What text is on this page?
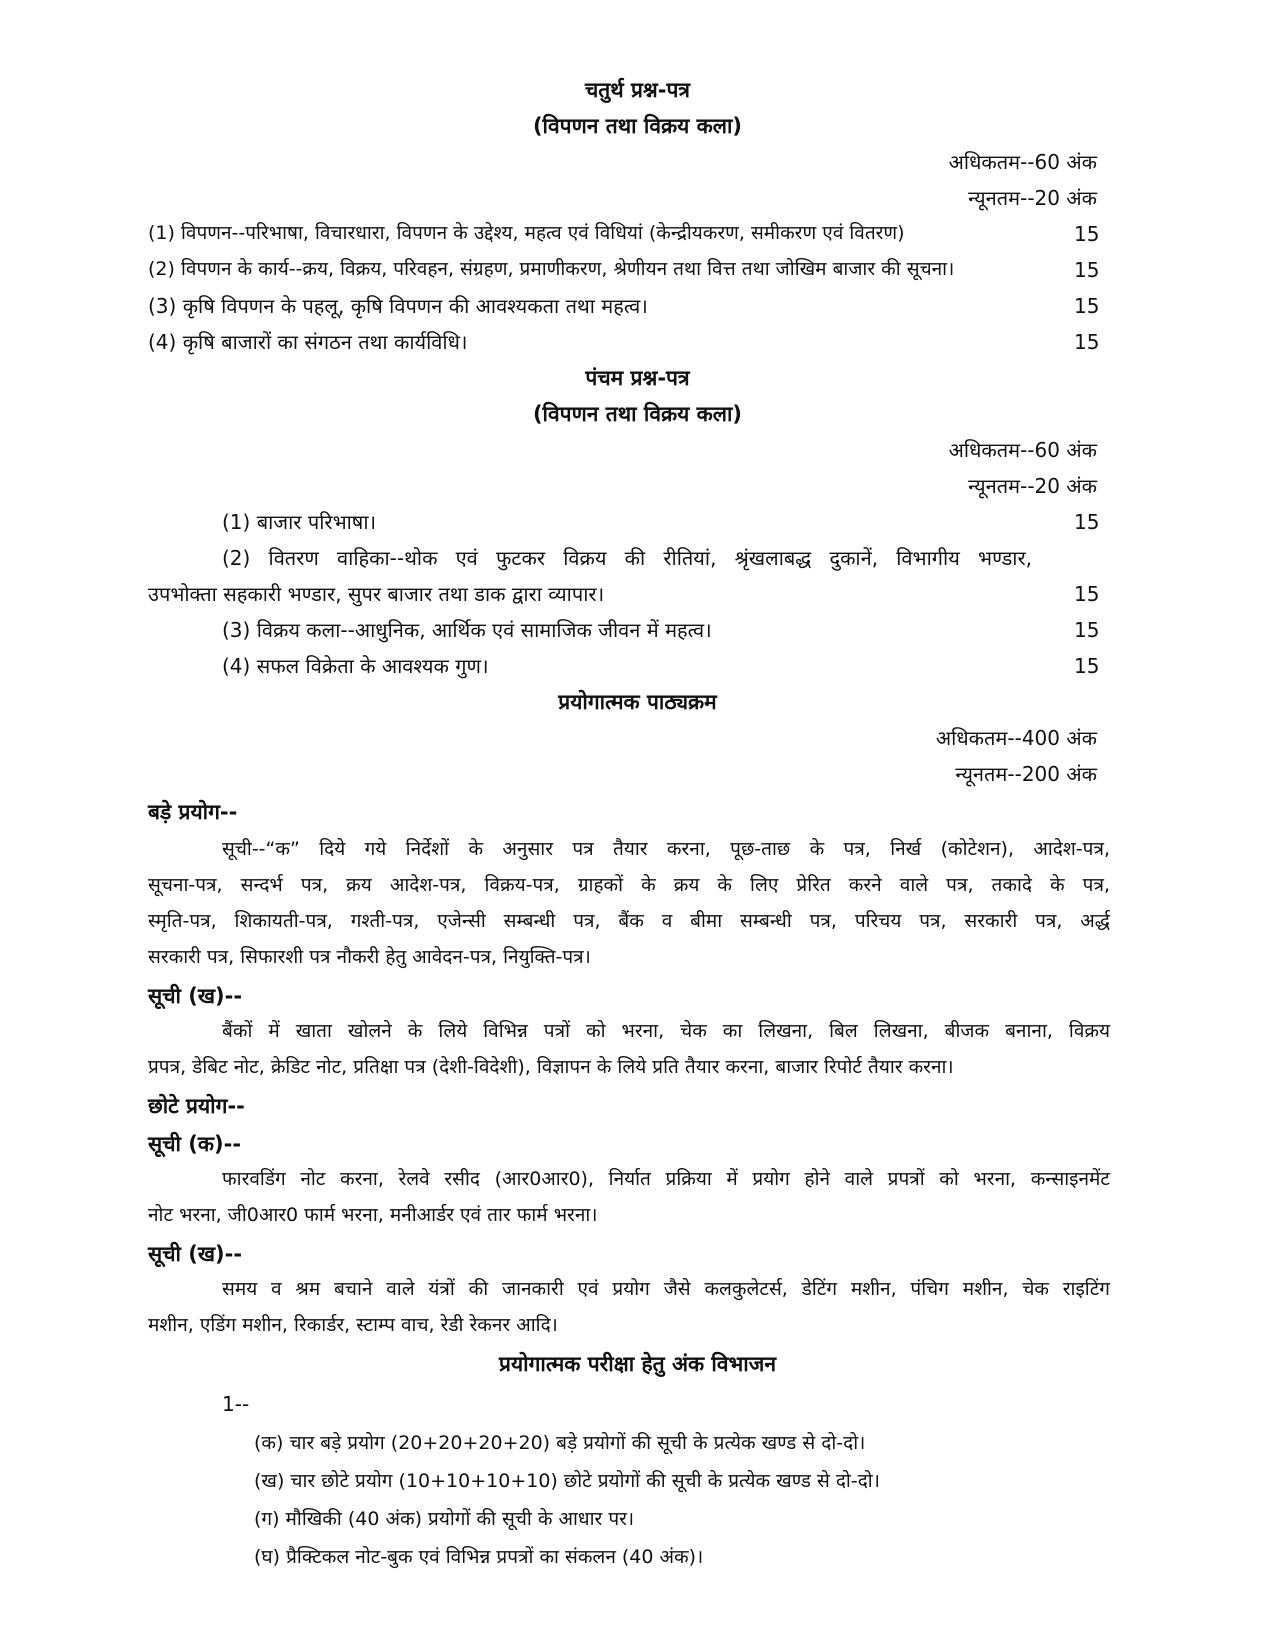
चतुर्थ प्रश्न-पत्र
(विपणन तथा विक्रय कला)
अधिकतम--60 अंक
न्यूनतम--20 अंक
(1) विपणन--परिभाषा, विचारधारा, विपणन के उद्देश्य, महत्व एवं विधियां (केन्द्रीयकरण, समीकरण एवं वितरण)	15
(2) विपणन के कार्य--क्रय, विक्रय, परिवहन, संग्रहण, प्रमाणीकरण, श्रेणीयन तथा वित्त तथा जोखिम बाजार की सूचना।	15
(3) कृषि विपणन के पहलू, कृषि विपणन की आवश्यकता तथा महत्व।	15
(4) कृषि बाजारों का संगठन तथा कार्यविधि।	15
पंचम प्रश्न-पत्र
(विपणन तथा विक्रय कला)
अधिकतम--60 अंक
न्यूनतम--20 अंक
(1) बाजार परिभाषा।	15
(2) वितरण वाहिका--थोक एवं फुटकर विक्रय की रीतियां, श्रृंखलाबद्ध दुकानें, विभागीय भण्डार,
उपभोक्ता सहकारी भण्डार, सुपर बाजार तथा डाक द्वारा व्यापार।	15
(3) विक्रय कला--आधुनिक, आर्थिक एवं सामाजिक जीवन में महत्व।	15
(4) सफल विक्रेता के आवश्यक गुण।	15
प्रयोगात्मक पाठ्यक्रम
अधिकतम--400 अंक
न्यूनतम--200 अंक
बड़े प्रयोग--
सूची--“क” दिये गये निर्देशों के अनुसार पत्र तैयार करना, पूछ-ताछ के पत्र, निर्ख (कोटेशन), आदेश-पत्र,
सूचना-पत्र, सन्दर्भ पत्र, क्रय आदेश-पत्र, विक्रय-पत्र, ग्राहकों के क्रय के लिए प्रेरित करने वाले पत्र, तकादे के पत्र,
स्मृति-पत्र, शिकायती-पत्र, गश्ती-पत्र, एजेन्सी सम्बन्धी पत्र, बैंक व बीमा सम्बन्धी पत्र, परिचय पत्र, सरकारी पत्र, अर्द्ध
सरकारी पत्र, सिफारशी पत्र नौकरी हेतु आवेदन-पत्र, नियुक्ति-पत्र।
सूची (ख)--
बैंकों में खाता खोलने के लिये विभिन्न पत्रों को भरना, चेक का लिखना, बिल लिखना, बीजक बनाना, विक्रय
प्रपत्र, डेबिट नोट, क्रेडिट नोट, प्रतिक्षा पत्र (देशी-विदेशी), विज्ञापन के लिये प्रति तैयार करना, बाजार रिपोर्ट तैयार करना।
छोटे प्रयोग--
सूची (क)--
फारवडिंग नोट करना, रेलवे रसीद (आर0आर0), निर्यात प्रक्रिया में प्रयोग होने वाले प्रपत्रों को भरना, कन्साइनमेंट
नोट भरना, जी0आर0 फार्म भरना, मनीआर्डर एवं तार फार्म भरना।
सूची (ख)--
समय व श्रम बचाने वाले यंत्रों की जानकारी एवं प्रयोग जैसे कलकुलेटर्स, डेटिंग मशीन, पंचिग मशीन, चेक राइटिंग
मशीन, एडिंग मशीन, रिकार्डर, स्टाम्प वाच, रेडी रेकनर आदि।
प्रयोगात्मक परीक्षा हेतु अंक विभाजन
1--
(क) चार बड़े प्रयोग (20+20+20+20) बड़े प्रयोगों की सूची के प्रत्येक खण्ड से दो-दो।
(ख) चार छोटे प्रयोग (10+10+10+10) छोटे प्रयोगों की सूची के प्रत्येक खण्ड से दो-दो।
(ग) मौखिकी (40 अंक) प्रयोगों की सूची के आधार पर।
(घ) प्रैक्टिकल नोट-बुक एवं विभिन्न प्रपत्रों का संकलन (40 अंक)।
